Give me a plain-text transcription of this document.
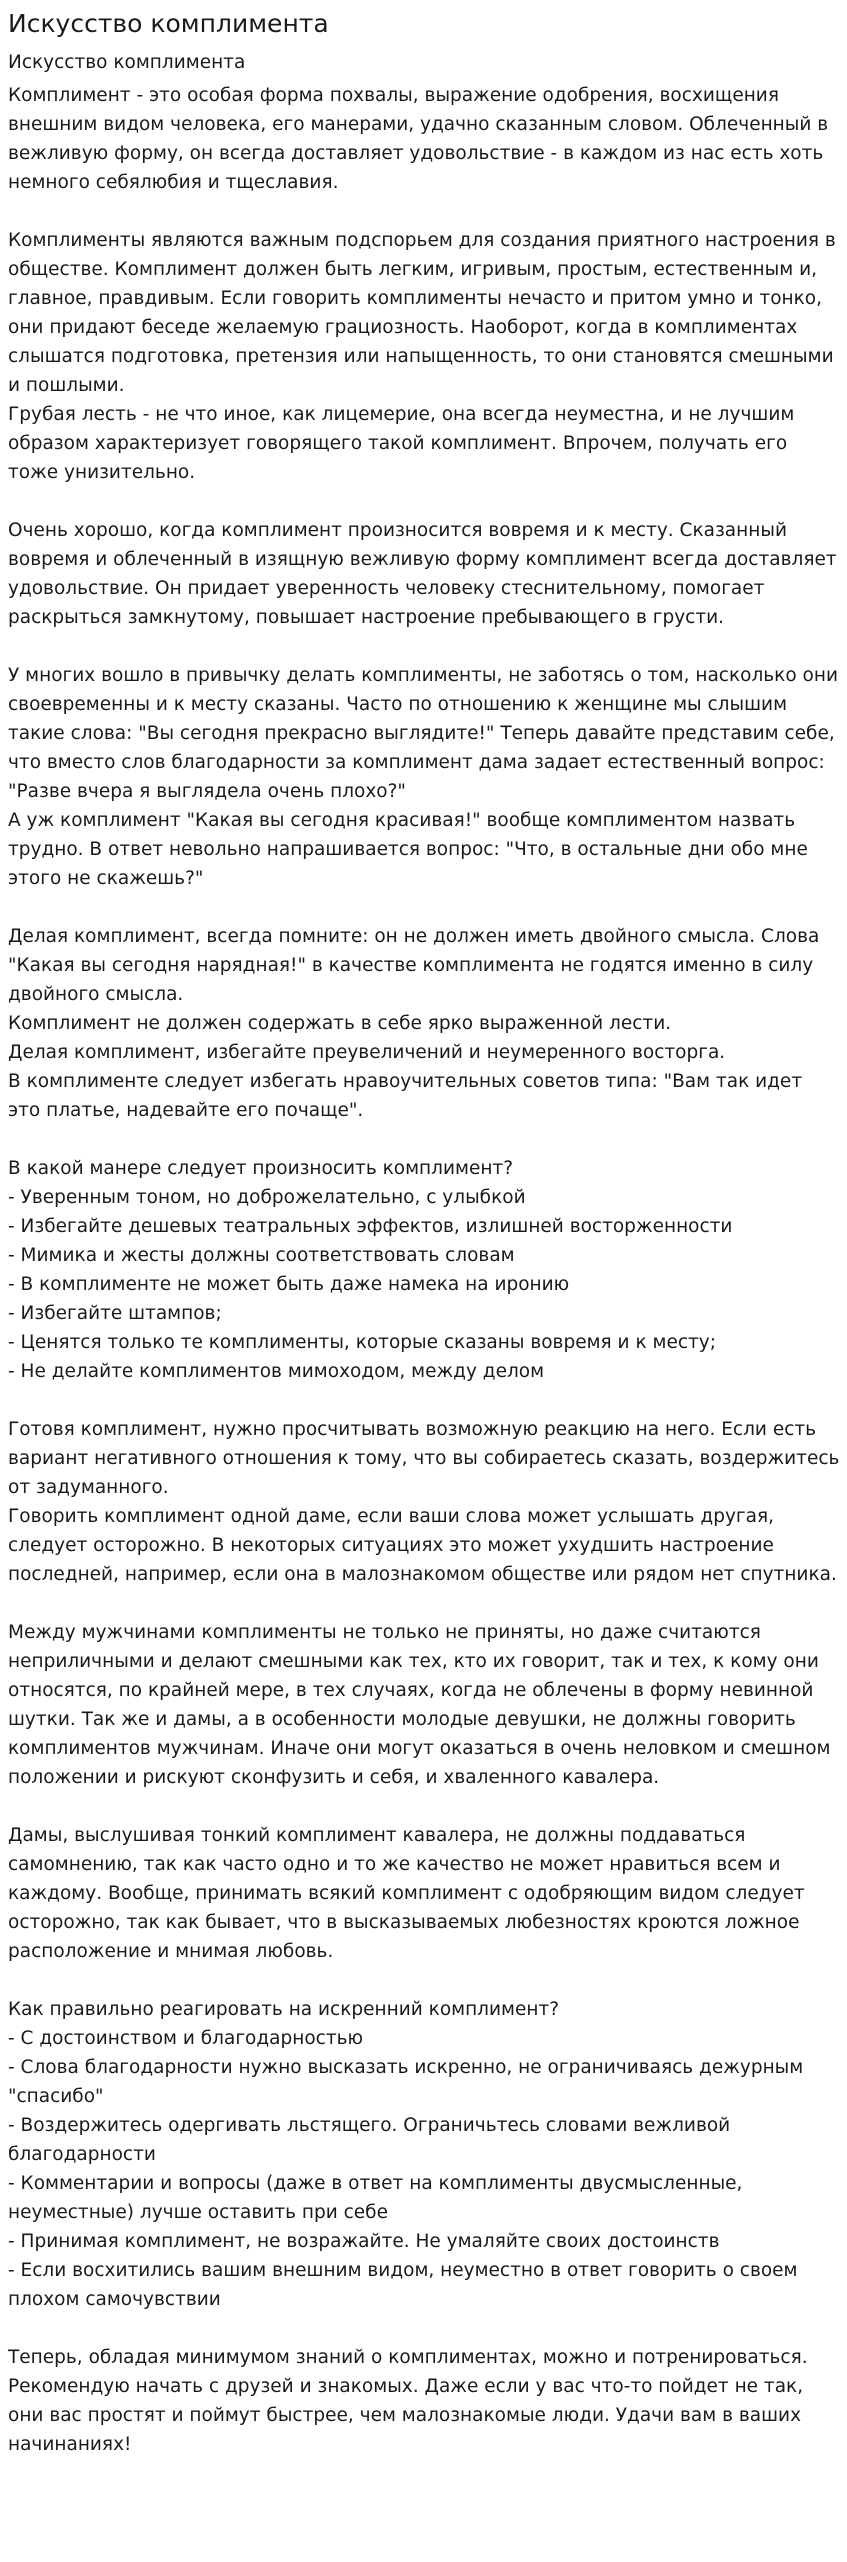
Искусство комплимента
Искусство комплимента
Комплимент - это особая форма похвалы, выражение одобрения, восхищения внешним видом человека, его манерами, удачно сказанным словом. Облеченный в вежливую форму, он всегда доставляет удовольствие - в каждом из нас есть хоть немного себялюбия и тщеславия.

Комплименты являются важным подспорьем для создания приятного настроения в обществе. Комплимент должен быть легким, игривым, простым, естественным и, главное, правдивым. Если говорить комплименты нечасто и притом умно и тонко, они придают беседе желаемую грациозность. Наоборот, когда в комплиментах слышатся подготовка, претензия или напыщенность, то они становятся смешными и пошлыми.
Грубая лесть - не что иное, как лицемерие, она всегда неуместна, и не лучшим образом характеризует говорящего такой комплимент. Впрочем, получать его тоже унизительно.

Очень хорошо, когда комплимент произносится вовремя и к месту. Сказанный вовремя и облеченный в изящную вежливую форму комплимент всегда доставляет удовольствие. Он придает уверенность человеку стеснительному, помогает раскрыться замкнутому, повышает настроение пребывающего в грусти.

У многих вошло в привычку делать комплименты, не заботясь о том, насколько они своевременны и к месту сказаны. Часто по отношению к женщине мы слышим такие слова: "Вы сегодня прекрасно выглядите!" Теперь давайте представим себе, что вместо слов благодарности за комплимент дама задает естественный вопрос: "Разве вчера я выглядела очень плохо?"
А уж комплимент "Какая вы сегодня красивая!" вообще комплиментом назвать трудно. В ответ невольно напрашивается вопрос: "Что, в остальные дни обо мне этого не скажешь?"

Делая комплимент, всегда помните: он не должен иметь двойного смысла. Слова "Какая вы сегодня нарядная!" в качестве комплимента не годятся именно в силу двойного смысла.
Комплимент не должен содержать в себе ярко выраженной лести.
Делая комплимент, избегайте преувеличений и неумеренного восторга.
В комплименте следует избегать нравоучительных советов типа: "Вам так идет это платье, надевайте его почаще".

В какой манере следует произносить комплимент?
- Уверенным тоном, но доброжелательно, с улыбкой
- Избегайте дешевых театральных эффектов, излишней восторженности
- Мимика и жесты должны соответствовать словам
- В комплименте не может быть даже намека на иронию
- Избегайте штампов;
- Ценятся только те комплименты, которые сказаны вовремя и к месту;
- Не делайте комплиментов мимоходом, между делом

Готовя комплимент, нужно просчитывать возможную реакцию на него. Если есть вариант негативного отношения к тому, что вы собираетесь сказать, воздержитесь от задуманного.
Говорить комплимент одной даме, если ваши слова может услышать другая, следует осторожно. В некоторых ситуациях это может ухудшить настроение последней, например, если она в малознакомом обществе или рядом нет спутника.

Между мужчинами комплименты не только не приняты, но даже считаются неприличными и делают смешными как тех, кто их говорит, так и тех, к кому они относятся, по крайней мере, в тех случаях, когда не облечены в форму невинной шутки. Так же и дамы, а в особенности молодые девушки, не должны говорить комплиментов мужчинам. Иначе они могут оказаться в очень неловком и смешном положении и рискуют сконфузить и себя, и хваленного кавалера.

Дамы, выслушивая тонкий комплимент кавалера, не должны поддаваться самомнению, так как часто одно и то же качество не может нравиться всем и каждому. Вообще, принимать всякий комплимент с одобряющим видом следует осторожно, так как бывает, что в высказываемых любезностях кроются ложное расположение и мнимая любовь.

Как правильно реагировать на искренний комплимент?
- С достоинством и благодарностью
- Слова благодарности нужно высказать искренно, не ограничиваясь дежурным "спасибо"
- Воздержитесь одергивать льстящего. Ограничьтесь словами вежливой благодарности
- Комментарии и вопросы (даже в ответ на комплименты двусмысленные, неуместные) лучше оставить при себе
- Принимая комплимент, не возражайте. Не умаляйте своих достоинств
- Если восхитились вашим внешним видом, неуместно в ответ говорить о своем плохом самочувствии

Теперь, обладая минимумом знаний о комплиментах, можно и потренироваться. Рекомендую начать с друзей и знакомых. Даже если у вас что-то пойдет не так, они вас простят и поймут быстрее, чем малознакомые люди. Удачи вам в ваших начинаниях!
